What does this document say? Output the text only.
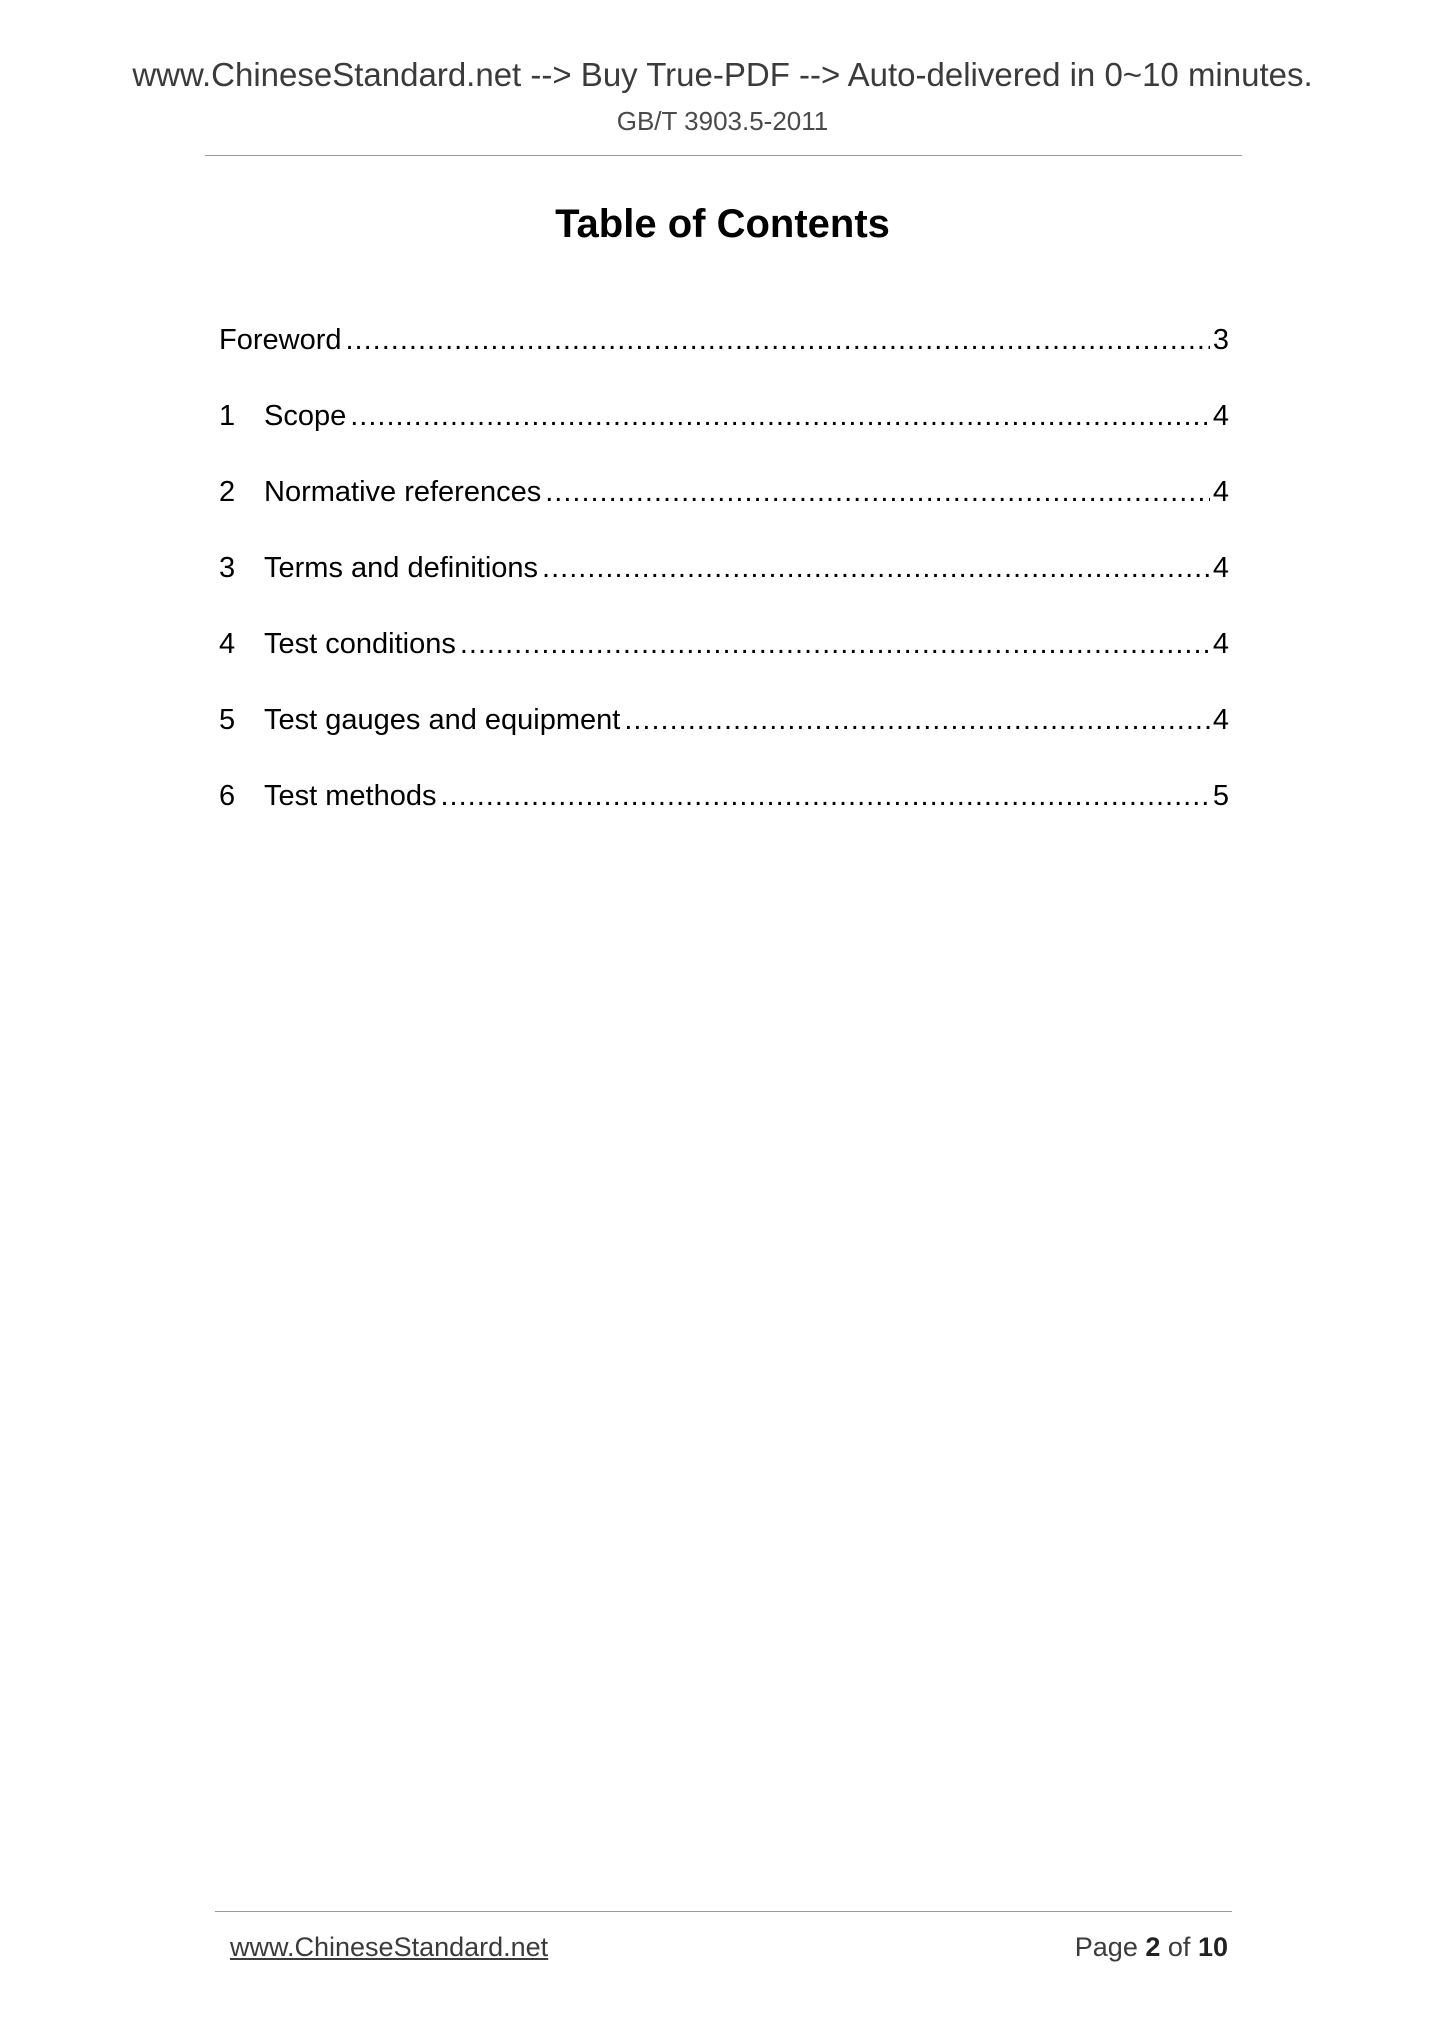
www.ChineseStandard.net --> Buy True-PDF --> Auto-delivered in 0~10 minutes.
GB/T 3903.5-2011
Table of Contents
Foreword .....	3
1 Scope .....	4
2 Normative references .....	4
3 Terms and definitions .....	4
4 Test conditions .....	4
5 Test gauges and equipment .....	4
6 Test methods .....	5
www.ChineseStandard.net	Page 2 of 10
